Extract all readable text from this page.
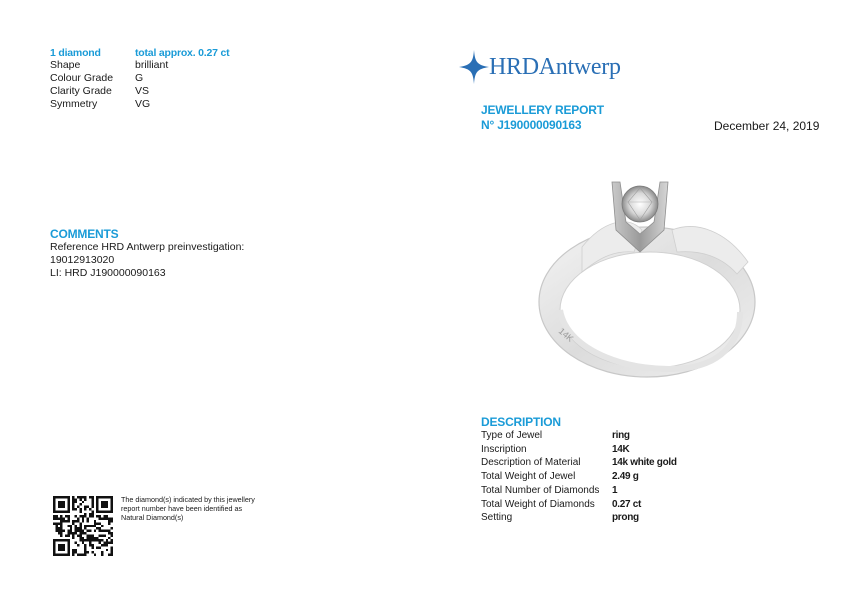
1 diamond	total approx. 0.27 ct
Shape	brilliant
Colour Grade	G
Clarity Grade	VS
Symmetry	VG
COMMENTS
Reference HRD Antwerp preinvestigation:
19012913020
LI: HRD J190000090163
The diamond(s) indicated by this jewellery
report number have been identified as
Natural Diamond(s)
HRDAntwerp
JEWELLERY REPORT
N° J190000090163	December 24, 2019
14K
DESCRIPTION
Type of Jewel	ring
Inscription	14K
Description of Material	14k white gold
Total Weight of Jewel	2.49 g
Total Number of Diamonds	1
Total Weight of Diamonds	0.27 ct
Setting	prong
